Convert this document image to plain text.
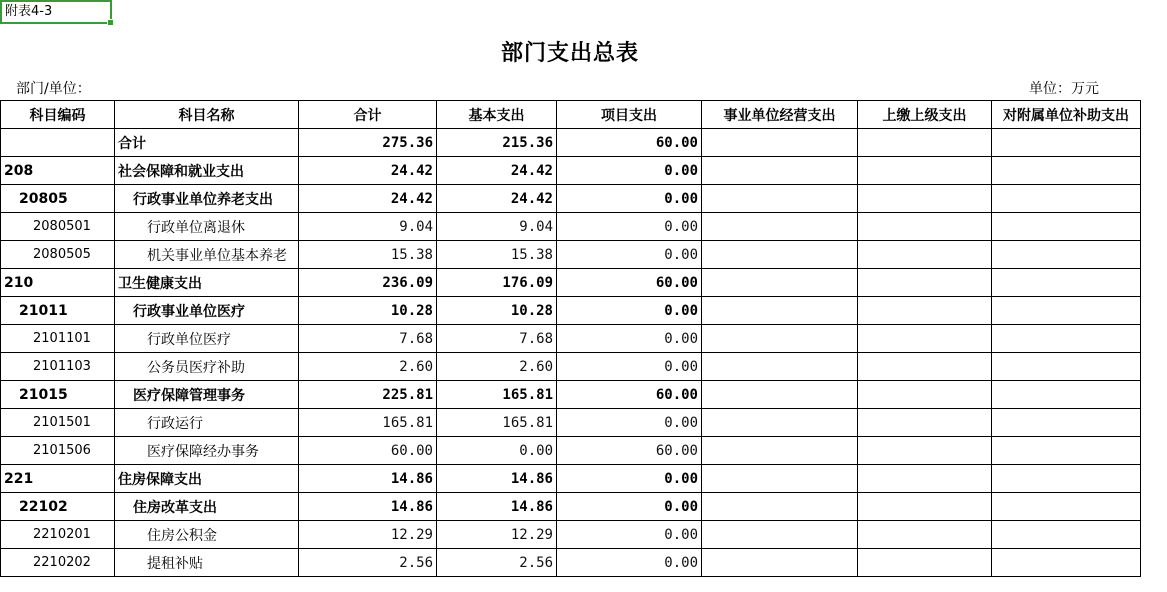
附表4-3
部门支出总表
部门/单位：	单位：万元
科目编码	科目名称	合计	基本支出	项目支出	事业单位经营支出	上缴上级支出	对附属单位补助支出
	合计	275.36	215.36	60.00			
208	社会保障和就业支出	24.42	24.42	0.00			
20805	行政事业单位养老支出	24.42	24.42	0.00			
2080501	行政单位离退休	9.04	9.04	0.00			
2080505	机关事业单位基本养老	15.38	15.38	0.00			
210	卫生健康支出	236.09	176.09	60.00			
21011	行政事业单位医疗	10.28	10.28	0.00			
2101101	行政单位医疗	7.68	7.68	0.00			
2101103	公务员医疗补助	2.60	2.60	0.00			
21015	医疗保障管理事务	225.81	165.81	60.00			
2101501	行政运行	165.81	165.81	0.00			
2101506	医疗保障经办事务	60.00	0.00	60.00			
221	住房保障支出	14.86	14.86	0.00			
22102	住房改革支出	14.86	14.86	0.00			
2210201	住房公积金	12.29	12.29	0.00			
2210202	提租补贴	2.56	2.56	0.00			
